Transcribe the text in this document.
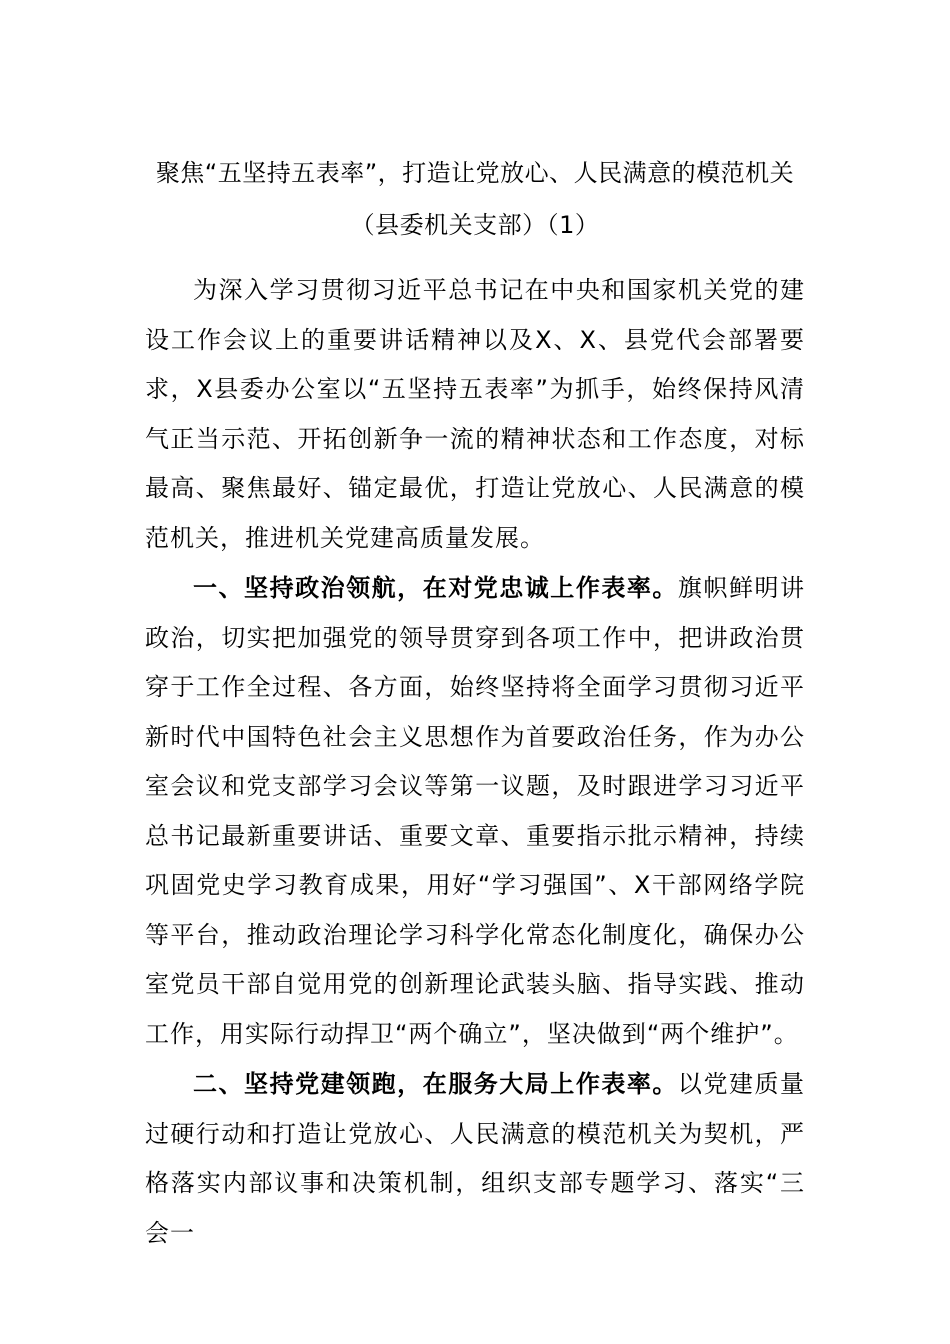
聚焦“五坚持五表率”，打造让党放心、人民满意的模范机关
（县委机关支部）（1）

为深入学习贯彻习近平总书记在中央和国家机关党的建设工作会议上的重要讲话精神以及X、X、县党代会部署要求，X县委办公室以“五坚持五表率”为抓手，始终保持风清气正当示范、开拓创新争一流的精神状态和工作态度，对标最高、聚焦最好、锚定最优，打造让党放心、人民满意的模范机关，推进机关党建高质量发展。

一、坚持政治领航，在对党忠诚上作表率。旗帜鲜明讲政治，切实把加强党的领导贯穿到各项工作中，把讲政治贯穿于工作全过程、各方面，始终坚持将全面学习贯彻习近平新时代中国特色社会主义思想作为首要政治任务，作为办公室会议和党支部学习会议等第一议题，及时跟进学习习近平总书记最新重要讲话、重要文章、重要指示批示精神，持续巩固党史学习教育成果，用好“学习强国”、X干部网络学院等平台，推动政治理论学习科学化常态化制度化，确保办公室党员干部自觉用党的创新理论武装头脑、指导实践、推动工作，用实际行动捍卫“两个确立”，坚决做到“两个维护”。

二、坚持党建领跑，在服务大局上作表率。以党建质量过硬行动和打造让党放心、人民满意的模范机关为契机，严格落实内部议事和决策机制，组织支部专题学习、落实“三会一
